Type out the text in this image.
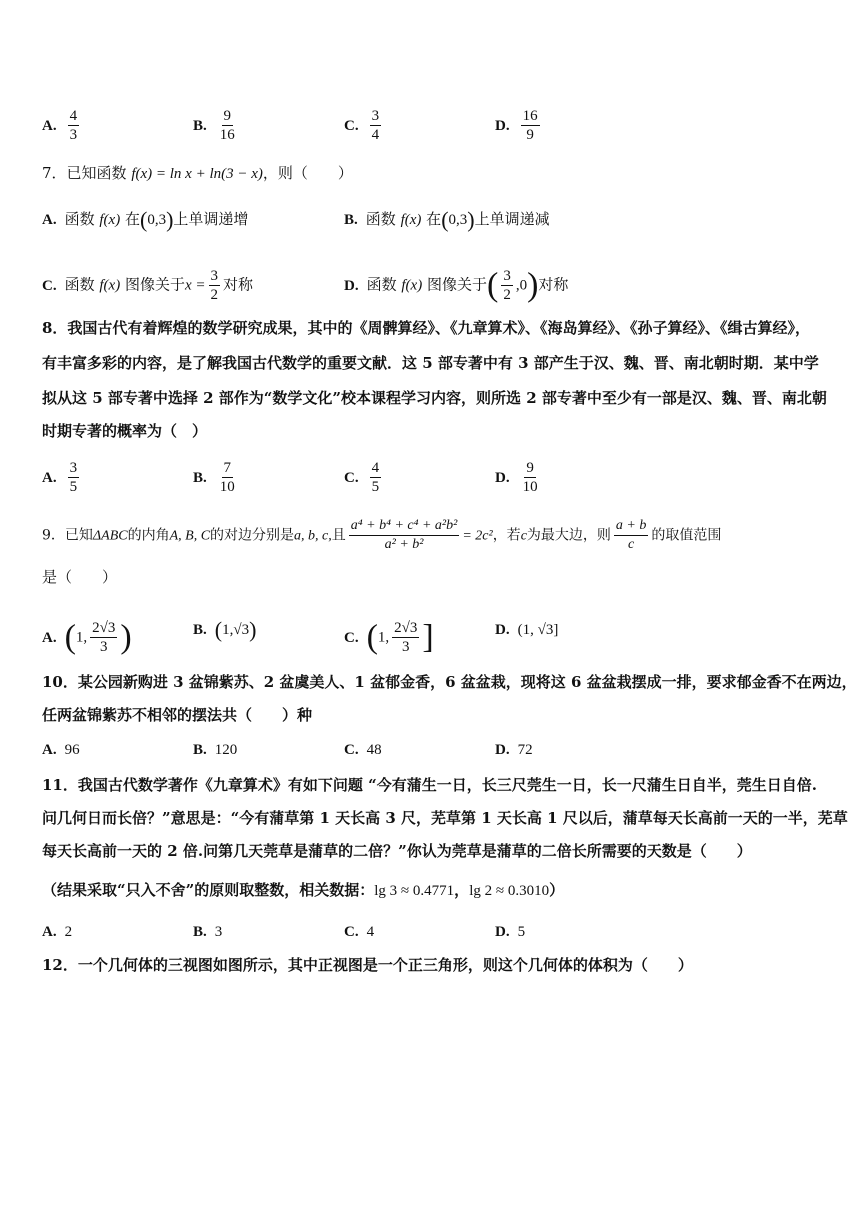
A. $\frac{4}{3}$	B. $\frac{9}{16}$	C. $\frac{3}{4}$	D. $\frac{16}{9}$
7．已知函数 f(x) = ln x + ln(3 − x)，则（　　）
A. 函数 f(x) 在(0,3)上单调递增	B. 函数 f(x) 在(0,3)上单调递减
C. 函数 f(x) 图像关于$x = \frac{3}{2}$ 对称	D. 函数 f(x) 图像关于( $\frac{3}{2} ,0$)对称
8．我国古代有着辉煌的数学研究成果，其中的《周髀算经》、《九章算术》、《海岛算经》、《孙子算经》、《缉古算经》，
有丰富多彩的内容，是了解我国古代数学的重要文献．这 5 部专著中有 3 部产生于汉、魏、晋、南北朝时期．某中学
拟从这 5 部专著中选择 2 部作为“数学文化”校本课程学习内容，则所选 2 部专著中至少有一部是汉、魏、晋、南北朝
时期专著的概率为（　）
A. $\frac{3}{5}$	B. $\frac{7}{10}$	C. $\frac{4}{5}$	D. $\frac{9}{10}$
9．已知ΔABC的内角A, B, C的对边分别是a, b, c,且 $\frac{\text{a⁴ + b⁴ + c⁴ + a²b²}}{\text{a² + b²}} = 2c^2$，若c为最大边，则 $\frac{a + b}{c}$ 的取值范围
是（　　）
A. (1, $\frac{2√3}{3}$ )	B. (1,√3)	C. (1, $\frac{2√3}{3}$ ]	D. (1, √3]
10．某公园新购进 3 盆锦紫苏、2 盆虞美人、1 盆郁金香，6 盆盆栽，现将这 6 盆盆栽摆成一排，要求郁金香不在两边，
任两盆锦紫苏不相邻的摆法共（　　）种
A. 96	B. 120	C. 48	D. 72
11．我国古代数学著作《九章算术》有如下问题 “今有蒲生一日，长三尺莞生一日，长一尺蒲生日自半，莞生日自倍.
问几何日而长倍？”意思是：“今有蒲草第 1 天长高 3 尺，芜草第 1 天长高 1 尺以后，蒲草每天长高前一天的一半，芜草
每天长高前一天的 2 倍.问第几天莞草是蒲草的二倍？”你认为莞草是蒲草的二倍长所需要的天数是（　　）
（结果采取“只入不舍”的原则取整数，相关数据：lg 3 ≈ 0.4771，lg 2 ≈ 0.3010）
A. 2	B. 3	C. 4	D. 5
12．一个几何体的三视图如图所示，其中正视图是一个正三角形，则这个几何体的体积为（　　）
